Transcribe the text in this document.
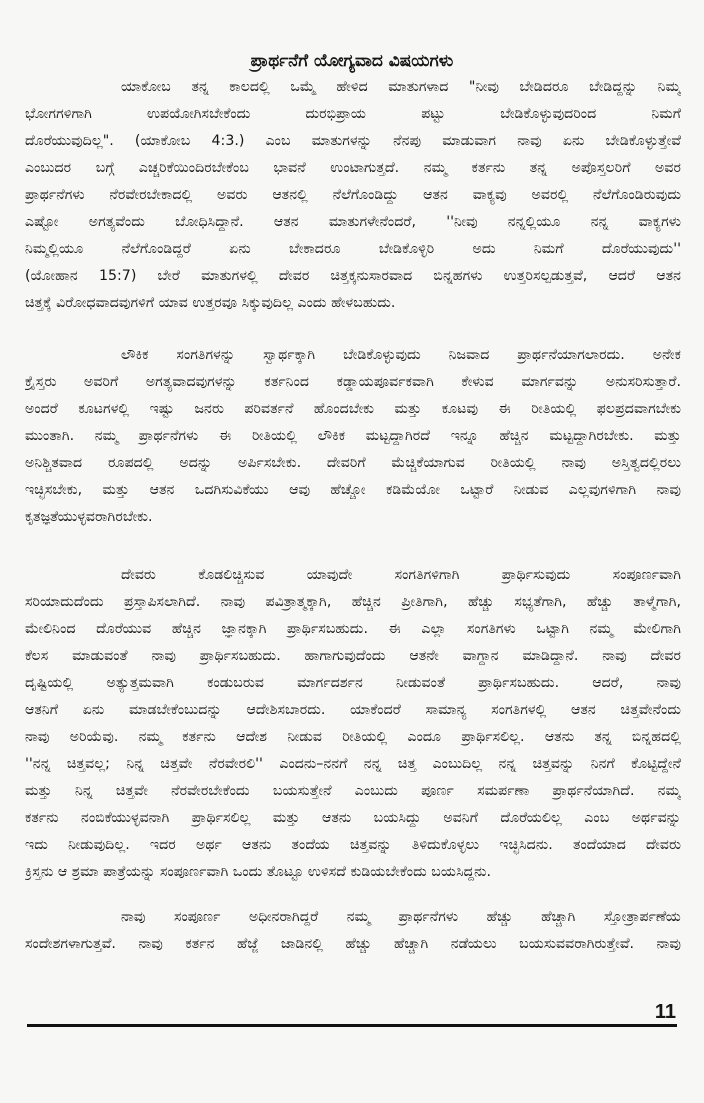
ಪ್ರಾರ್ಥನೆಗೆ ಯೋಗ್ಯವಾದ ವಿಷಯಗಳು
ಯಾಕೋಬ ತನ್ನ ಕಾಲದಲ್ಲಿ ಒಮ್ಮೆ ಹೇಳಿದ ಮಾತುಗಳಾದ "ನೀವು ಬೇಡಿದರೂ ಬೇಡಿದ್ದನ್ನು ನಿಮ್ಮ
ಭೋಗಗಳಿಗಾಗಿ ಉಪಯೋಗಿಸಬೇಕೆಂದು ದುರಭಿಪ್ರಾಯ ಪಟ್ಟು ಬೇಡಿಕೊಳ್ಳುವುದರಿಂದ ನಿಮಗೆ
ದೊರೆಯುವುದಿಲ್ಲ". (ಯಾಕೋಬ 4:3.) ಎಂಬ ಮಾತುಗಳನ್ನು ನೆನಪು ಮಾಡುವಾಗ ನಾವು ಏನು ಬೇಡಿಕೊಳ್ಳುತ್ತೇವೆ
ಎಂಬುದರ ಬಗ್ಗೆ ಎಚ್ಚರಿಕೆಯಿಂದಿರಬೇಕೆಂಬ ಭಾವನೆ ಉಂಟಾಗುತ್ತದೆ. ನಮ್ಮ ಕರ್ತನು ತನ್ನ ಅಪೊಸ್ತಲರಿಗೆ ಅವರ
ಪ್ರಾರ್ಥನೆಗಳು ನೆರವೇರಬೇಕಾದಲ್ಲಿ ಅವರು ಆತನಲ್ಲಿ ನೆಲೆಗೊಂಡಿದ್ದು ಆತನ ವಾಕ್ಯವು ಅವರಲ್ಲಿ ನೆಲೆಗೊಂಡಿರುವುದು
ಎಷ್ಟೋ ಅಗತ್ಯವೆಂದು ಬೋಧಿಸಿದ್ದಾನೆ. ಆತನ ಮಾತುಗಳೇನೆಂದರೆ, ''ನೀವು ನನ್ನಲ್ಲಿಯೂ ನನ್ನ ವಾಕ್ಯಗಳು
ನಿಮ್ಮಲ್ಲಿಯೂ ನೆಲೆಗೊಂಡಿದ್ದರೆ ಏನು ಬೇಕಾದರೂ ಬೇಡಿಕೊಳ್ಳಿರಿ ಅದು ನಿಮಗೆ ದೊರೆಯುವುದು''
(ಯೋಹಾನ 15:7) ಬೇರೆ ಮಾತುಗಳಲ್ಲಿ ದೇವರ ಚಿತ್ತಕ್ಕನುಸಾರವಾದ ಬಿನ್ನಹಗಳು ಉತ್ತರಿಸಲ್ಪಡುತ್ತವೆ, ಆದರೆ ಆತನ
ಚಿತ್ತಕ್ಕೆ ವಿರೋಧವಾದವುಗಳಿಗೆ ಯಾವ ಉತ್ತರವೂ ಸಿಕ್ಕುವುದಿಲ್ಲ ಎಂದು ಹೇಳಬಹುದು.
ಲೌಕಿಕ ಸಂಗತಿಗಳನ್ನು ಸ್ವಾರ್ಥಕ್ಕಾಗಿ ಬೇಡಿಕೊಳ್ಳುವುದು ನಿಜವಾದ ಪ್ರಾರ್ಥನೆಯಾಗಲಾರದು. ಅನೇಕ
ಕ್ರೈಸ್ತರು ಅವರಿಗೆ ಅಗತ್ಯವಾದವುಗಳನ್ನು ಕರ್ತನಿಂದ ಕಡ್ಡಾಯಪೂರ್ವಕವಾಗಿ ಕೇಳುವ ಮಾರ್ಗವನ್ನು ಅನುಸರಿಸುತ್ತಾರೆ.
ಅಂದರೆ ಕೂಟಗಳಲ್ಲಿ ಇಷ್ಟು ಜನರು ಪರಿವರ್ತನೆ ಹೊಂದಬೇಕು ಮತ್ತು ಕೂಟವು ಈ ರೀತಿಯಲ್ಲಿ ಫಲಪ್ರದವಾಗಬೇಕು
ಮುಂತಾಗಿ. ನಮ್ಮ ಪ್ರಾರ್ಥನೆಗಳು ಈ ರೀತಿಯಲ್ಲಿ ಲೌಕಿಕ ಮಟ್ಟದ್ದಾಗಿರದೆ ಇನ್ನೂ ಹೆಚ್ಚಿನ ಮಟ್ಟದ್ದಾಗಿರಬೇಕು. ಮತ್ತು
ಅನಿಶ್ಚಿತವಾದ ರೂಪದಲ್ಲಿ ಅದನ್ನು ಅರ್ಪಿಸಬೇಕು. ದೇವರಿಗೆ ಮೆಚ್ಚಿಕೆಯಾಗುವ ರೀತಿಯಲ್ಲಿ ನಾವು ಅಸ್ತಿತ್ವದಲ್ಲಿರಲು
ಇಚ್ಛಿಸಬೇಕು, ಮತ್ತು ಆತನ ಒದಗಿಸುವಿಕೆಯು ಆವು ಹೆಚ್ಚೋ ಕಡಿಮೆಯೋ ಒಟ್ಟಾರೆ ನೀಡುವ ಎಲ್ಲವುಗಳಿಗಾಗಿ ನಾವು
ಕೃತಜ್ಞತೆಯುಳ್ಳವರಾಗಿರಬೇಕು.
ದೇವರು ಕೊಡಲಿಚ್ಚಿಸುವ ಯಾವುದೇ ಸಂಗತಿಗಳಿಗಾಗಿ ಪ್ರಾರ್ಥಿಸುವುದು ಸಂಪೂರ್ಣವಾಗಿ
ಸರಿಯಾದುದೆಂದು ಪ್ರಸ್ತಾಪಿಸಲಾಗಿದೆ. ನಾವು ಪವಿತ್ರಾತ್ಮಕ್ಕಾಗಿ, ಹೆಚ್ಚಿನ ಪ್ರೀತಿಗಾಗಿ, ಹೆಚ್ಚು ಸಭ್ಯತೆಗಾಗಿ, ಹೆಚ್ಚು ತಾಳ್ಮೆಗಾಗಿ,
ಮೇಲಿನಿಂದ ದೊರೆಯುವ ಹೆಚ್ಚಿನ ಜ್ಞಾನಕ್ಕಾಗಿ ಪ್ರಾರ್ಥಿಸಬಹುದು. ಈ ಎಲ್ಲಾ ಸಂಗತಿಗಳು ಒಟ್ಟಾಗಿ ನಮ್ಮ ಮೇಲಿಗಾಗಿ
ಕೆಲಸ ಮಾಡುವಂತೆ ನಾವು ಪ್ರಾರ್ಥಿಸಬಹುದು. ಹಾಗಾಗುವುದೆಂದು ಆತನೇ ವಾಗ್ದಾನ ಮಾಡಿದ್ದಾನೆ. ನಾವು ದೇವರ
ದೃಷ್ಟಿಯಲ್ಲಿ ಅತ್ಯುತ್ತಮವಾಗಿ ಕಂಡುಬರುವ ಮಾರ್ಗದರ್ಶನ ನೀಡುವಂತೆ ಪ್ರಾರ್ಥಿಸಬಹುದು. ಆದರೆ, ನಾವು
ಆತನಿಗೆ ಏನು ಮಾಡಬೇಕೆಂಬುದನ್ನು ಆದೇಶಿಸಬಾರದು. ಯಾಕೆಂದರೆ ಸಾಮಾನ್ಯ ಸಂಗತಿಗಳಲ್ಲಿ ಆತನ ಚಿತ್ತವೇನೆಂದು
ನಾವು ಅರಿಯೆವು. ನಮ್ಮ ಕರ್ತನು ಆದೇಶ ನೀಡುವ ರೀತಿಯಲ್ಲಿ ಎಂದೂ ಪ್ರಾರ್ಥಿಸಲಿಲ್ಲ. ಆತನು ತನ್ನ ಬಿನ್ನಹದಲ್ಲಿ
''ನನ್ನ ಚಿತ್ತವಲ್ಲ; ನಿನ್ನ ಚಿತ್ತವೇ ನೆರವೇರಲಿ'' ಎಂದನು–ನನಗೆ ನನ್ನ ಚಿತ್ತ ಎಂಬುದಿಲ್ಲ ನನ್ನ ಚಿತ್ತವನ್ನು ನಿನಗೆ ಕೊಟ್ಟಿದ್ದೇನೆ
ಮತ್ತು ನಿನ್ನ ಚಿತ್ತವೇ ನೆರವೇರಬೇಕೆಂದು ಬಯಸುತ್ತೇನೆ ಎಂಬುದು ಪೂರ್ಣ ಸಮರ್ಪಣಾ ಪ್ರಾರ್ಥನೆಯಾಗಿದೆ. ನಮ್ಮ
ಕರ್ತನು ನಂಬಿಕೆಯುಳ್ಳವನಾಗಿ ಪ್ರಾರ್ಥಿಸಲಿಲ್ಲ ಮತ್ತು ಆತನು ಬಯಸಿದ್ದು ಅವನಿಗೆ ದೊರೆಯಲಿಲ್ಲ ಎಂಬ ಅರ್ಥವನ್ನು
ಇದು ನೀಡುವುದಿಲ್ಲ. ಇದರ ಅರ್ಥ ಆತನು ತಂದೆಯ ಚಿತ್ತವನ್ನು ತಿಳಿದುಕೊಳ್ಳಲು ಇಚ್ಛಿಸಿದನು. ತಂದೆಯಾದ ದೇವರು
ಕ್ರಿಸ್ತನು ಆ ಶ್ರಮಾ ಪಾತ್ರೆಯನ್ನು ಸಂಪೂರ್ಣವಾಗಿ ಒಂದು ತೊಟ್ಟೂ ಉಳಿಸದೆ ಕುಡಿಯಬೇಕೆಂದು ಬಯಸಿದ್ದನು.
ನಾವು ಸಂಪೂರ್ಣ ಅಧೀನರಾಗಿದ್ದರೆ ನಮ್ಮ ಪ್ರಾರ್ಥನೆಗಳು ಹೆಚ್ಚು ಹೆಚ್ಚಾಗಿ ಸ್ತೋತ್ರಾರ್ಪಣೆಯ
ಸಂದೇಶಗಳಾಗುತ್ತವೆ. ನಾವು ಕರ್ತನ ಹೆಜ್ಜೆ ಜಾಡಿನಲ್ಲಿ ಹೆಚ್ಚು ಹೆಚ್ಚಾಗಿ ನಡೆಯಲು ಬಯಸುವವರಾಗಿರುತ್ತೇವೆ. ನಾವು
11
